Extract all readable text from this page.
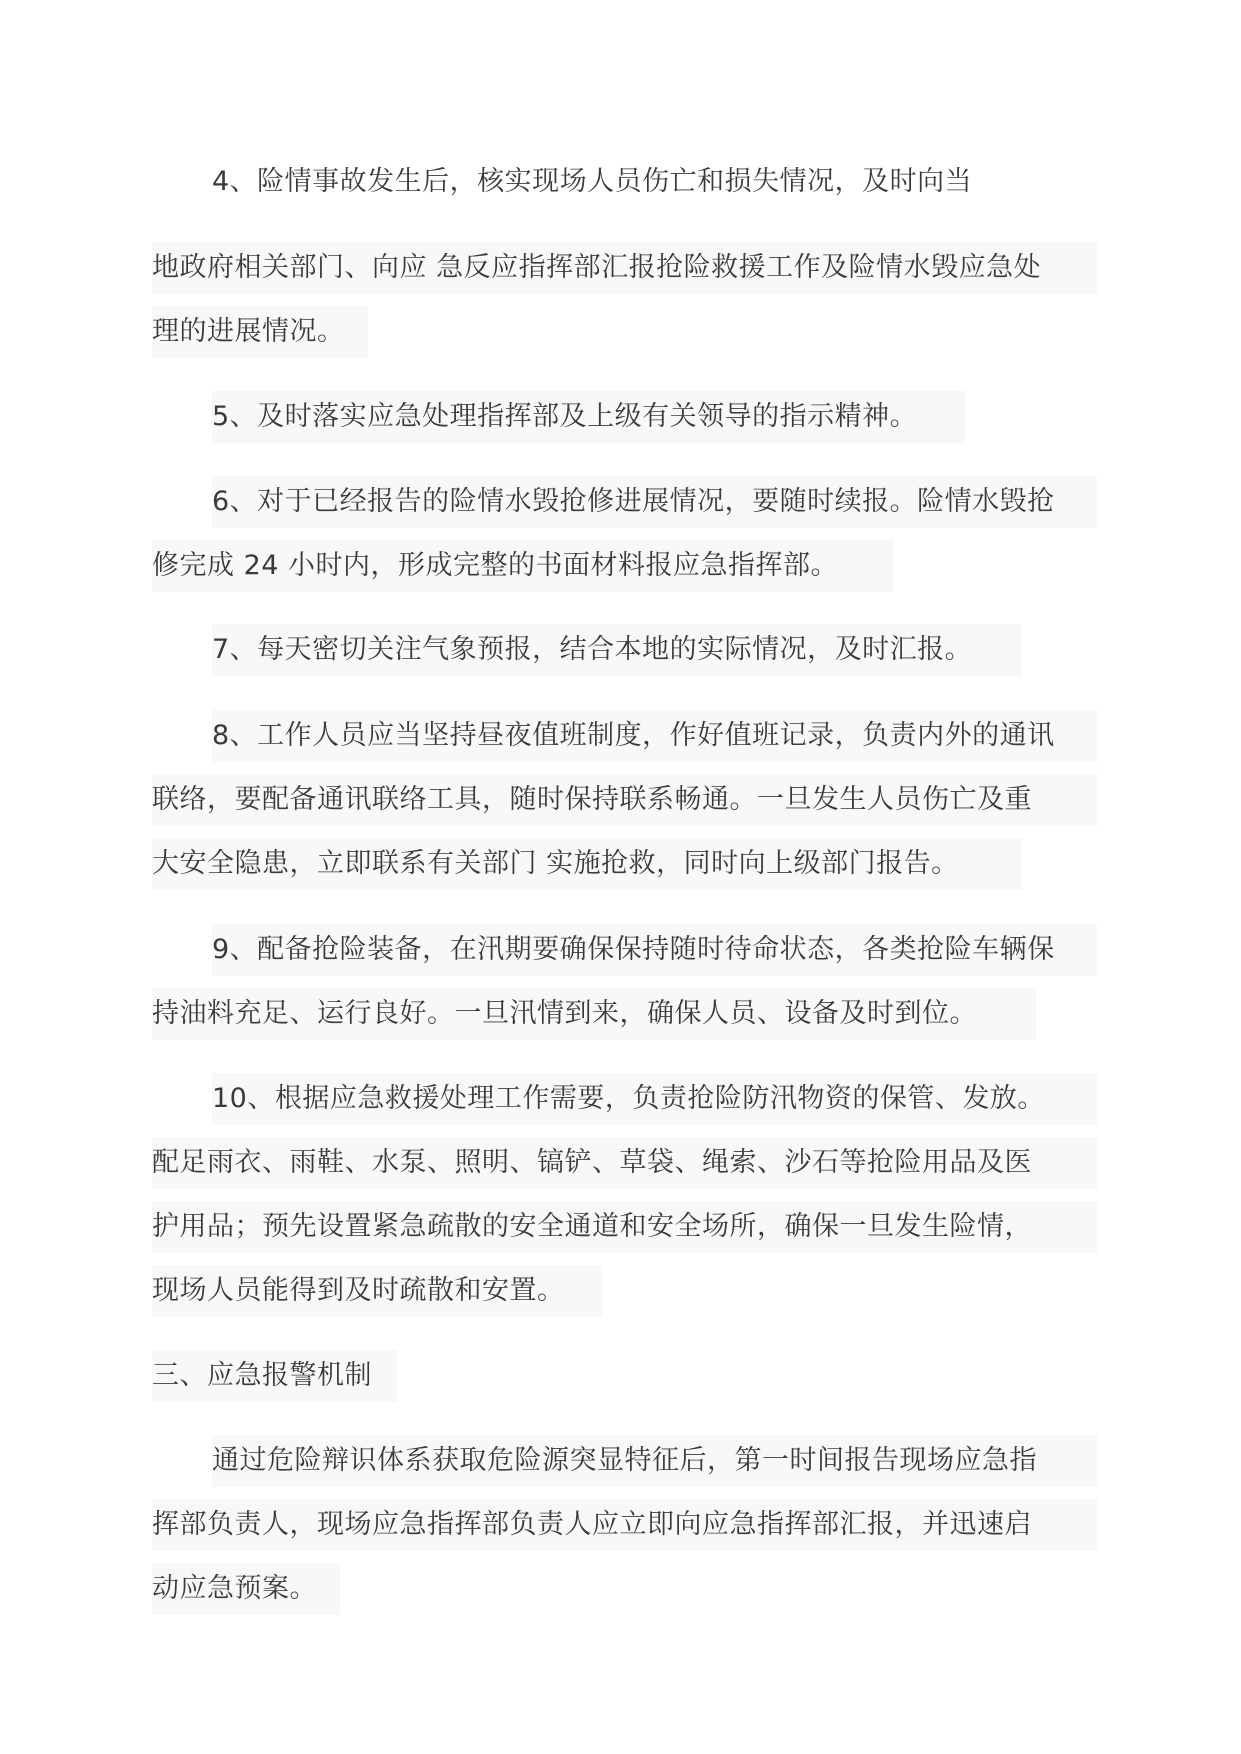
4、险情事故发生后，核实现场人员伤亡和损失情况，及时向当
地政府相关部门、向应 急反应指挥部汇报抢险救援工作及险情水毁应急处
理的进展情况。
5、及时落实应急处理指挥部及上级有关领导的指示精神。
6、对于已经报告的险情水毁抢修进展情况，要随时续报。险情水毁抢
修完成 24 小时内，形成完整的书面材料报应急指挥部。
7、每天密切关注气象预报，结合本地的实际情况，及时汇报。
8、工作人员应当坚持昼夜值班制度，作好值班记录，负责内外的通讯
联络，要配备通讯联络工具，随时保持联系畅通。一旦发生人员伤亡及重
大安全隐患，立即联系有关部门 实施抢救，同时向上级部门报告。
9、配备抢险装备，在汛期要确保保持随时待命状态，各类抢险车辆保
持油料充足、运行良好。一旦汛情到来，确保人员、设备及时到位。
10、根据应急救援处理工作需要，负责抢险防汛物资的保管、发放。
配足雨衣、雨鞋、水泵、照明、镐铲、草袋、绳索、沙石等抢险用品及医
护用品；预先设置紧急疏散的安全通道和安全场所，确保一旦发生险情，
现场人员能得到及时疏散和安置。
三、应急报警机制
通过危险辩识体系获取危险源突显特征后，第一时间报告现场应急指
挥部负责人，现场应急指挥部负责人应立即向应急指挥部汇报，并迅速启
动应急预案。
